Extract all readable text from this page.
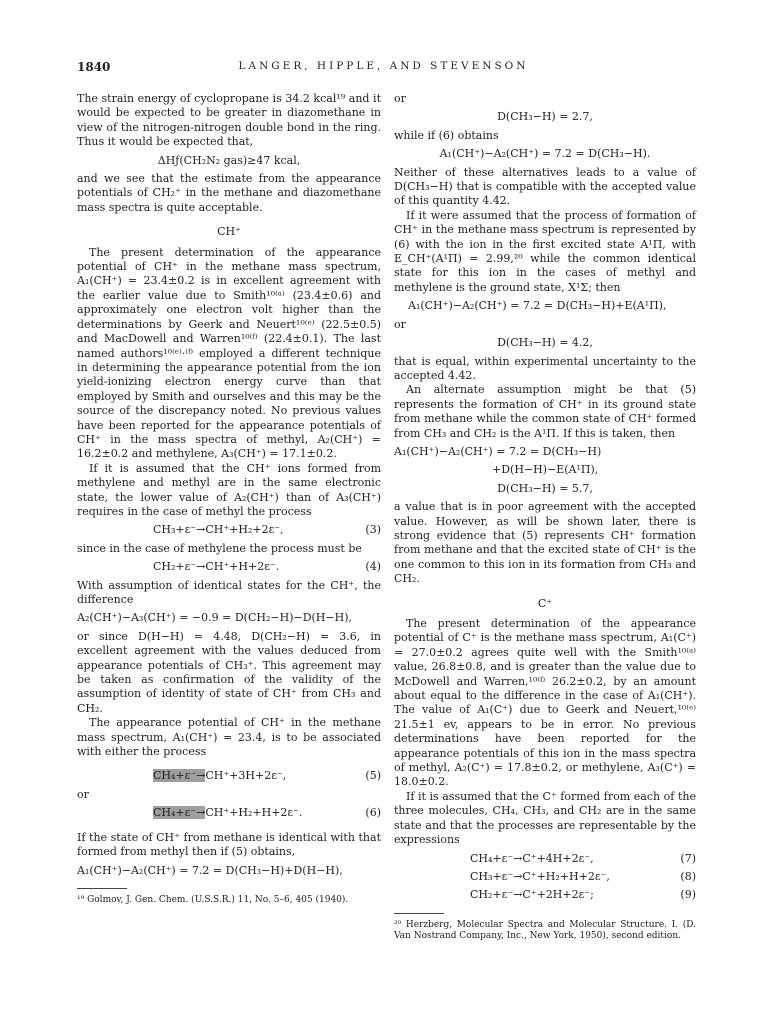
1840	LANGER, HIPPLE, AND STEVENSON

The strain energy of cyclopropane is 34.2 kcal¹⁹ and it would be expected to be greater in diazomethane in view of the nitrogen-nitrogen double bond in the ring. Thus it would be expected that,

ΔHƒ(CH₂N₂ gas)≥47 kcal,

and we see that the estimate from the appearance potentials of CH₂⁺ in the methane and diazomethane mass spectra is quite acceptable.

CH⁺

The present determination of the appearance potential of CH⁺ in the methane mass spectrum, A₁(CH⁺) = 23.4±0.2 is in excellent agreement with the earlier value due to Smith¹⁰⁽ᵃ⁾ (23.4±0.6) and approximately one electron volt higher than the determinations by Geerk and Neuert¹⁰⁽ᵉ⁾ (22.5±0.5) and MacDowell and Warren¹⁰⁽ᶠ⁾ (22.4±0.1). The last named authors¹⁰⁽ᵉ⁾·⁽ᶠ⁾ employed a different technique in determining the appearance potential from the ion yield-ionizing electron energy curve than that employed by Smith and ourselves and this may be the source of the discrepancy noted. No previous values have been reported for the appearance potentials of CH⁺ in the mass spectra of methyl, A₂(CH⁺) = 16.2±0.2 and methylene, A₃(CH⁺) = 17.1±0.2.

If it is assumed that the CH⁺ ions formed from methylene and methyl are in the same electronic state, the lower value of A₂(CH⁺) than of A₃(CH⁺) requires in the case of methyl the process

CH₃+ε⁻→CH⁺+H₂+2ε⁻,	(3)

since in the case of methylene the process must be

CH₂+ε⁻→CH⁺+H+2ε⁻.	(4)

With assumption of identical states for the CH⁺, the difference

A₂(CH⁺)−A₃(CH⁺) = −0.9 = D(CH₂−H)−D(H−H),

or since D(H−H) = 4.48, D(CH₂−H) = 3.6, in excellent agreement with the values deduced from appearance potentials of CH₃⁺. This agreement may be taken as confirmation of the validity of the assumption of identity of state of CH⁺ from CH₃ and CH₂.

The appearance potential of CH⁺ in the methane mass spectrum, A₁(CH⁺) = 23.4, is to be associated with either the process

CH₄+ε⁻→CH⁺+3H+2ε⁻,	(5)
or
CH₄+ε⁻→CH⁺+H₂+H+2ε⁻.	(6)

If the state of CH⁺ from methane is identical with that formed from methyl then if (5) obtains,

A₁(CH⁺)−A₂(CH⁺) = 7.2 = D(CH₃−H)+D(H−H),

¹⁹ Golmov, J. Gen. Chem. (U.S.S.R.) 11, No. 5–6, 405 (1940).

or
D(CH₃−H) = 2.7,

while if (6) obtains

A₁(CH⁺)−A₂(CH⁺) = 7.2 = D(CH₃−H).

Neither of these alternatives leads to a value of D(CH₃−H) that is compatible with the accepted value of this quantity 4.42.

If it were assumed that the process of formation of CH⁺ in the methane mass spectrum is represented by (6) with the ion in the first excited state A¹Π, with E_CH⁺(A¹Π) = 2.99,²⁰ while the common identical state for this ion in the cases of methyl and methylene is the ground state, X¹Σ; then

A₁(CH⁺)−A₂(CH⁺) = 7.2 = D(CH₃−H)+E(A¹Π),
or
D(CH₃−H) = 4.2,

that is equal, within experimental uncertainty to the accepted 4.42.

An alternate assumption might be that (5) represents the formation of CH⁺ in its ground state from methane while the common state of CH⁺ formed from CH₃ and CH₂ is the A¹Π. If this is taken, then

A₁(CH⁺)−A₂(CH⁺) = 7.2 = D(CH₃−H)
+D(H−H)−E(A¹Π),
D(CH₃−H) = 5.7,

a value that is in poor agreement with the accepted value. However, as will be shown later, there is strong evidence that (5) represents CH⁺ formation from methane and that the excited state of CH⁺ is the one common to this ion in its formation from CH₃ and CH₂.

C⁺

The present determination of the appearance potential of C⁺ is the methane mass spectrum, A₁(C⁺) = 27.0±0.2 agrees quite well with the Smith¹⁰⁽ᵃ⁾ value, 26.8±0.8, and is greater than the value due to McDowell and Warren,¹⁰⁽ᶠ⁾ 26.2±0.2, by an amount about equal to the difference in the case of A₁(CH⁺). The value of A₁(C⁺) due to Geerk and Neuert,¹⁰⁽ᵉ⁾ 21.5±1 ev, appears to be in error. No previous determinations have been reported for the appearance potentials of this ion in the mass spectra of methyl, A₂(C⁺) = 17.8±0.2, or methylene, A₃(C⁺) = 18.0±0.2.

If it is assumed that the C⁺ formed from each of the three molecules, CH₄, CH₃, and CH₂ are in the same state and that the processes are representable by the expressions

CH₄+ε⁻→C⁺+4H+2ε⁻,	(7)
CH₃+ε⁻→C⁺+H₂+H+2ε⁻,	(8)
CH₂+ε⁻→C⁺+2H+2ε⁻;	(9)

²⁰ Herzberg, Molecular Spectra and Molecular Structure. I. (D. Van Nostrand Company, Inc., New York, 1950), second edition.
